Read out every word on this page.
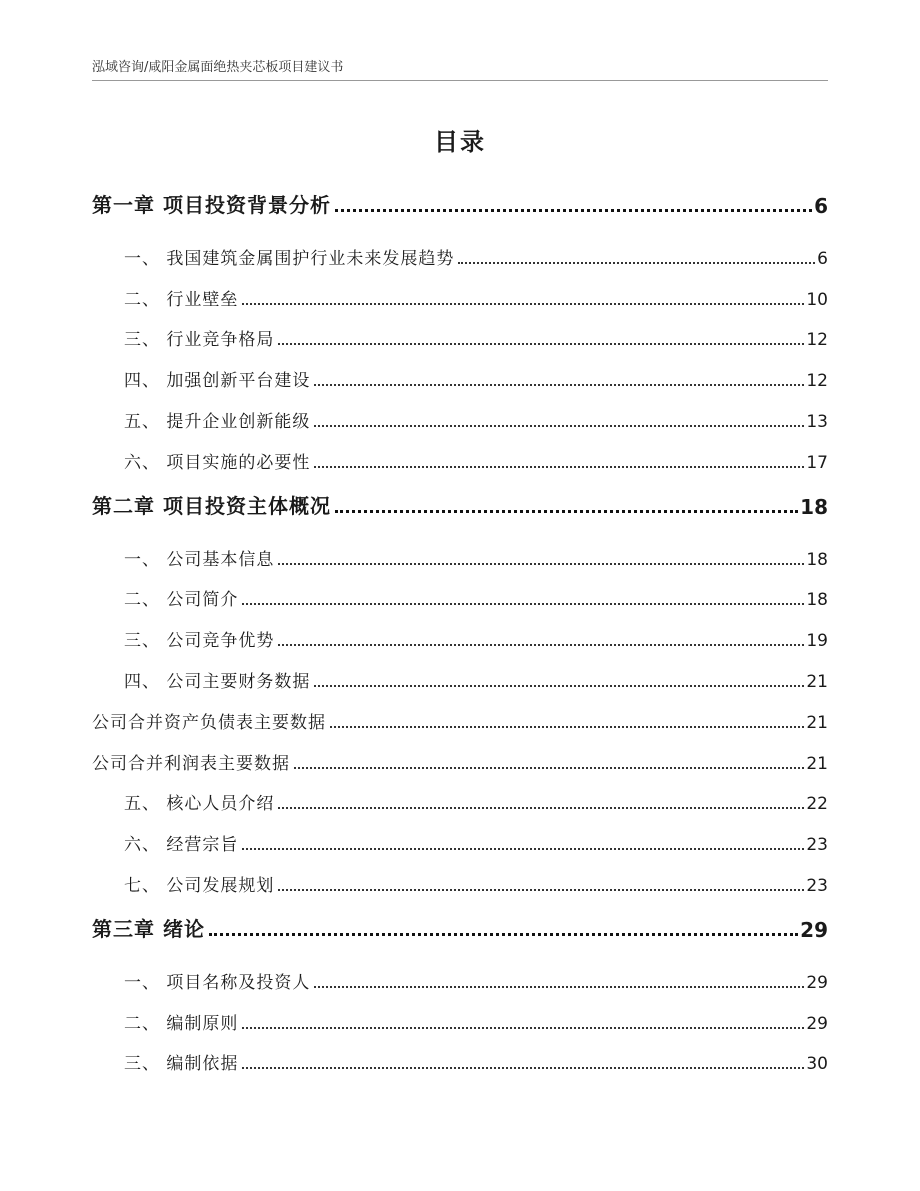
泓域咨询/咸阳金属面绝热夹芯板项目建议书
目录
第一章 项目投资背景分析	6
一、 我国建筑金属围护行业未来发展趋势	6
二、 行业壁垒	10
三、 行业竞争格局	12
四、 加强创新平台建设	12
五、 提升企业创新能级	13
六、 项目实施的必要性	17
第二章 项目投资主体概况	18
一、 公司基本信息	18
二、 公司简介	18
三、 公司竞争优势	19
四、 公司主要财务数据	21
公司合并资产负债表主要数据	21
公司合并利润表主要数据	21
五、 核心人员介绍	22
六、 经营宗旨	23
七、 公司发展规划	23
第三章 绪论	29
一、 项目名称及投资人	29
二、 编制原则	29
三、 编制依据	30
